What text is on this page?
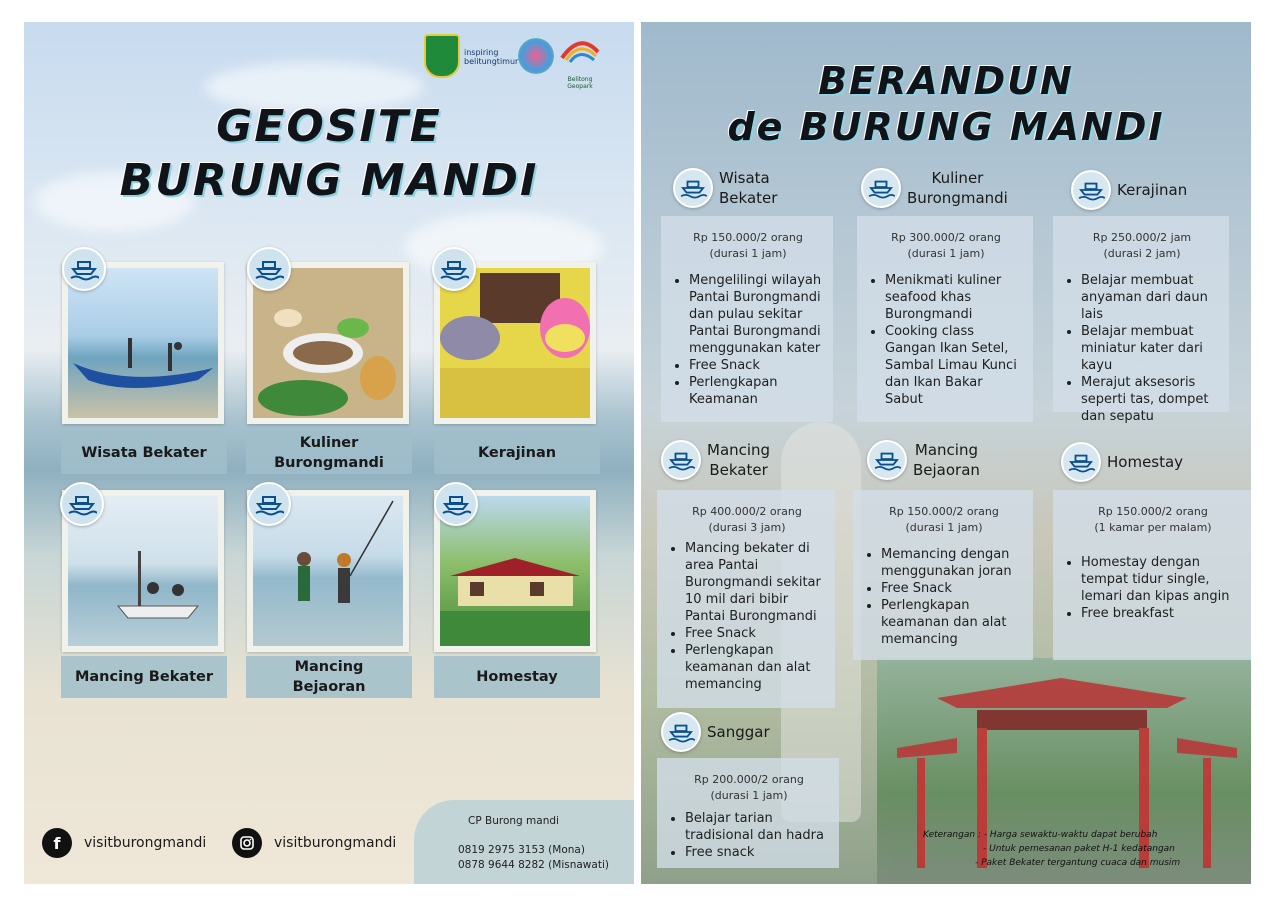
inspiring belitungtimur
Belitong Geopark
GEOSITE
BURUNG MANDI
Wisata Bekater
Kuliner
Burongmandi
Kerajinan
Mancing Bekater
Mancing
Bejaoran
Homestay
f	visitburongmandi	visitburongmandi
CP Burong mandi
0819 2975 3153 (Mona)
0878 9644 8282 (Misnawati)
BERANDUN
de BURUNG MANDI
Wisata
Bekater
Kuliner
Burongmandi	Kerajinan
Rp 150.000/2 orang
(durasi 1 jam)
• Mengelilingi wilayah Pantai Burongmandi dan pulau sekitar Pantai Burongmandi menggunakan kater
• Free Snack
• Perlengkapan Keamanan
Rp 300.000/2 orang
(durasi 1 jam)
• Menikmati kuliner seafood khas Burongmandi
• Cooking class Gangan Ikan Setel, Sambal Limau Kunci dan Ikan Bakar Sabut
Rp 250.000/2 jam
(durasi 2 jam)
• Belajar membuat anyaman dari daun lais
• Belajar membuat miniatur kater dari kayu
• Merajut aksesoris seperti tas, dompet dan sepatu
Mancing
Bekater
Mancing
Bejaoran	Homestay
Rp 400.000/2 orang
(durasi 3 jam)
• Mancing bekater di area Pantai Burongmandi sekitar 10 mil dari bibir Pantai Burongmandi
• Free Snack
• Perlengkapan keamanan dan alat memancing
Rp 150.000/2 orang
(durasi 1 jam)
• Memancing dengan menggunakan joran
• Free Snack
• Perlengkapan keamanan dan alat memancing
Rp 150.000/2 orang
(1 kamar per malam)
• Homestay dengan tempat tidur single, lemari dan kipas angin
• Free breakfast
Sanggar
Rp 200.000/2 orang
(durasi 1 jam)
• Belajar tarian tradisional dan hadra
• Free snack
Keterangan : - Harga sewaktu-waktu dapat berubah
- Untuk pemesanan paket H-1 kedatangan
- Paket Bekater tergantung cuaca dan musim
